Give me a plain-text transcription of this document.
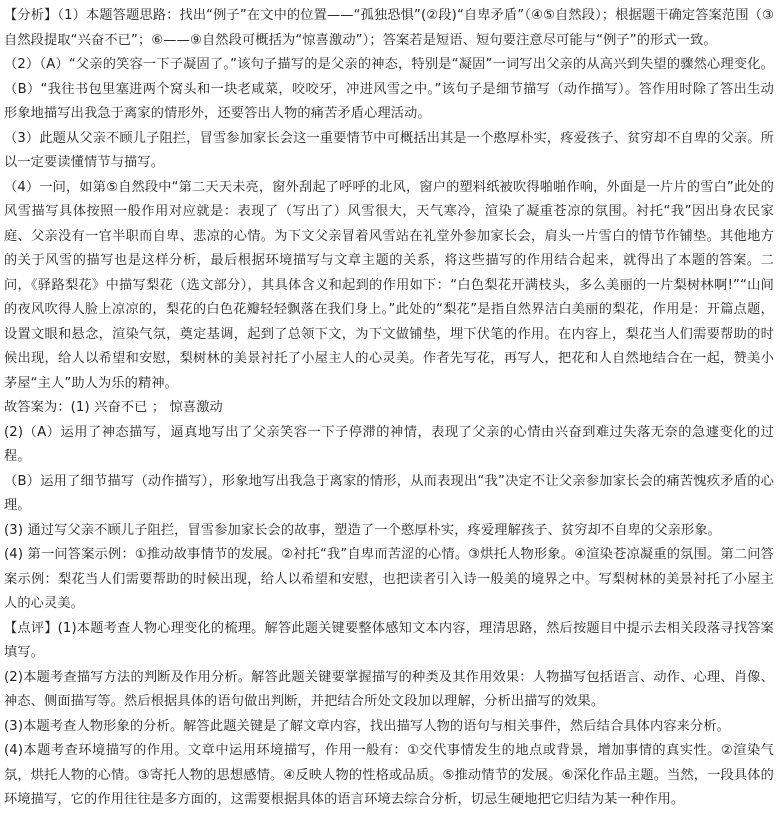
【分析】（1）本题答题思路：找出“例子”在文中的位置——“孤独恐惧”(②段)“自卑矛盾”（④⑤自然段）；根据题干确定答案范围（③自然段提取“兴奋不已”；⑥——⑨自然段可概括为“惊喜激动”）；答案若是短语、短句要注意尽可能与“例子”的形式一致。

（2）（A）“父亲的笑容一下子凝固了。”该句子描写的是父亲的神态，特别是“凝固”一词写出父亲的从高兴到失望的骤然心理变化。（B）“我往书包里塞进两个窝头和一块老咸菜，咬咬牙，冲进风雪之中。”该句子是细节描写（动作描写）。答作用时除了答出生动形象地描写出我急于离家的情形外，还要答出人物的痛苦矛盾心理活动。

（3）此题从父亲不顾儿子阻拦，冒雪参加家长会这一重要情节中可概括出其是一个憨厚朴实，疼爱孩子、贫穷却不自卑的父亲。所以一定要读懂情节与描写。

（4）一问，如第⑤自然段中“第二天天未亮，窗外刮起了呼呼的北风，窗户的塑料纸被吹得啪啪作响，外面是一片片的雪白”此处的风雪描写具体按照一般作用对应就是：表现了（写出了）风雪很大，天气寒冷，渲染了凝重苍凉的氛围。衬托“我”因出身农民家庭、父亲没有一官半职而自卑、悲凉的心情。为下文父亲冒着风雪站在礼堂外参加家长会，肩头一片雪白的情节作铺垫。其他地方的关于风雪的描写也是这样分析，最后根据环境描写与文章主题的关系，将这些描写的作用结合起来，就得出了本题的答案。二问，《驿路梨花》中描写梨花（选文部分），其具体含义和起到的作用如下：“白色梨花开满枝头，多么美丽的一片梨树林啊!”“山间的夜风吹得人脸上凉凉的，梨花的白色花瓣轻轻飘落在我们身上。”此处的“梨花”是指自然界洁白美丽的梨花，作用是：开篇点题，设置文眼和悬念，渲染气氛，奠定基调，起到了总领下文，为下文做铺垫，埋下伏笔的作用。在内容上，梨花当人们需要帮助的时候出现，给人以希望和安慰，梨树林的美景衬托了小屋主人的心灵美。作者先写花，再写人，把花和人自然地结合在一起，赞美小茅屋“主人”助人为乐的精神。

故答案为：(1) 兴奋不已 ； 惊喜激动

(2)（A）运用了神态描写，逼真地写出了父亲笑容一下子停滞的神情，表现了父亲的心情由兴奋到难过失落无奈的急遽变化的过程。

（B）运用了细节描写（动作描写），形象地写出我急于离家的情形，从而表现出“我”决定不让父亲参加家长会的痛苦愧疚矛盾的心理。

(3) 通过写父亲不顾儿子阻拦，冒雪参加家长会的故事，塑造了一个憨厚朴实，疼爱理解孩子、贫穷却不自卑的父亲形象。

(4) 第一问答案示例：①推动故事情节的发展。②衬托“我”自卑而苦涩的心情。③烘托人物形象。④渲染苍凉凝重的氛围。第二问答案示例：梨花当人们需要帮助的时候出现，给人以希望和安慰，也把读者引入诗一般美的境界之中。写梨树林的美景衬托了小屋主人的心灵美。

【点评】(1)本题考查人物心理变化的梳理。解答此题关键要整体感知文本内容，理清思路，然后按题目中提示去相关段落寻找答案填写。

(2)本题考查描写方法的判断及作用分析。解答此题关键要掌握描写的种类及其作用效果：人物描写包括语言、动作、心理、肖像、神态、侧面描写等。然后根据具体的语句做出判断，并把结合所处文段加以理解，分析出描写的效果。

(3)本题考查人物形象的分析。解答此题关键是了解文章内容，找出描写人物的语句与相关事件，然后结合具体内容来分析。

(4)本题考查环境描写的作用。文章中运用环境描写，作用一般有：①交代事情发生的地点或背景，增加事情的真实性。②渲染气氛，烘托人物的心情。③寄托人物的思想感情。④反映人物的性格或品质。⑤推动情节的发展。⑥深化作品主题。当然，一段具体的环境描写，它的作用往往是多方面的，这需要根据具体的语言环境去综合分析，切忌生硬地把它归结为某一种作用。
